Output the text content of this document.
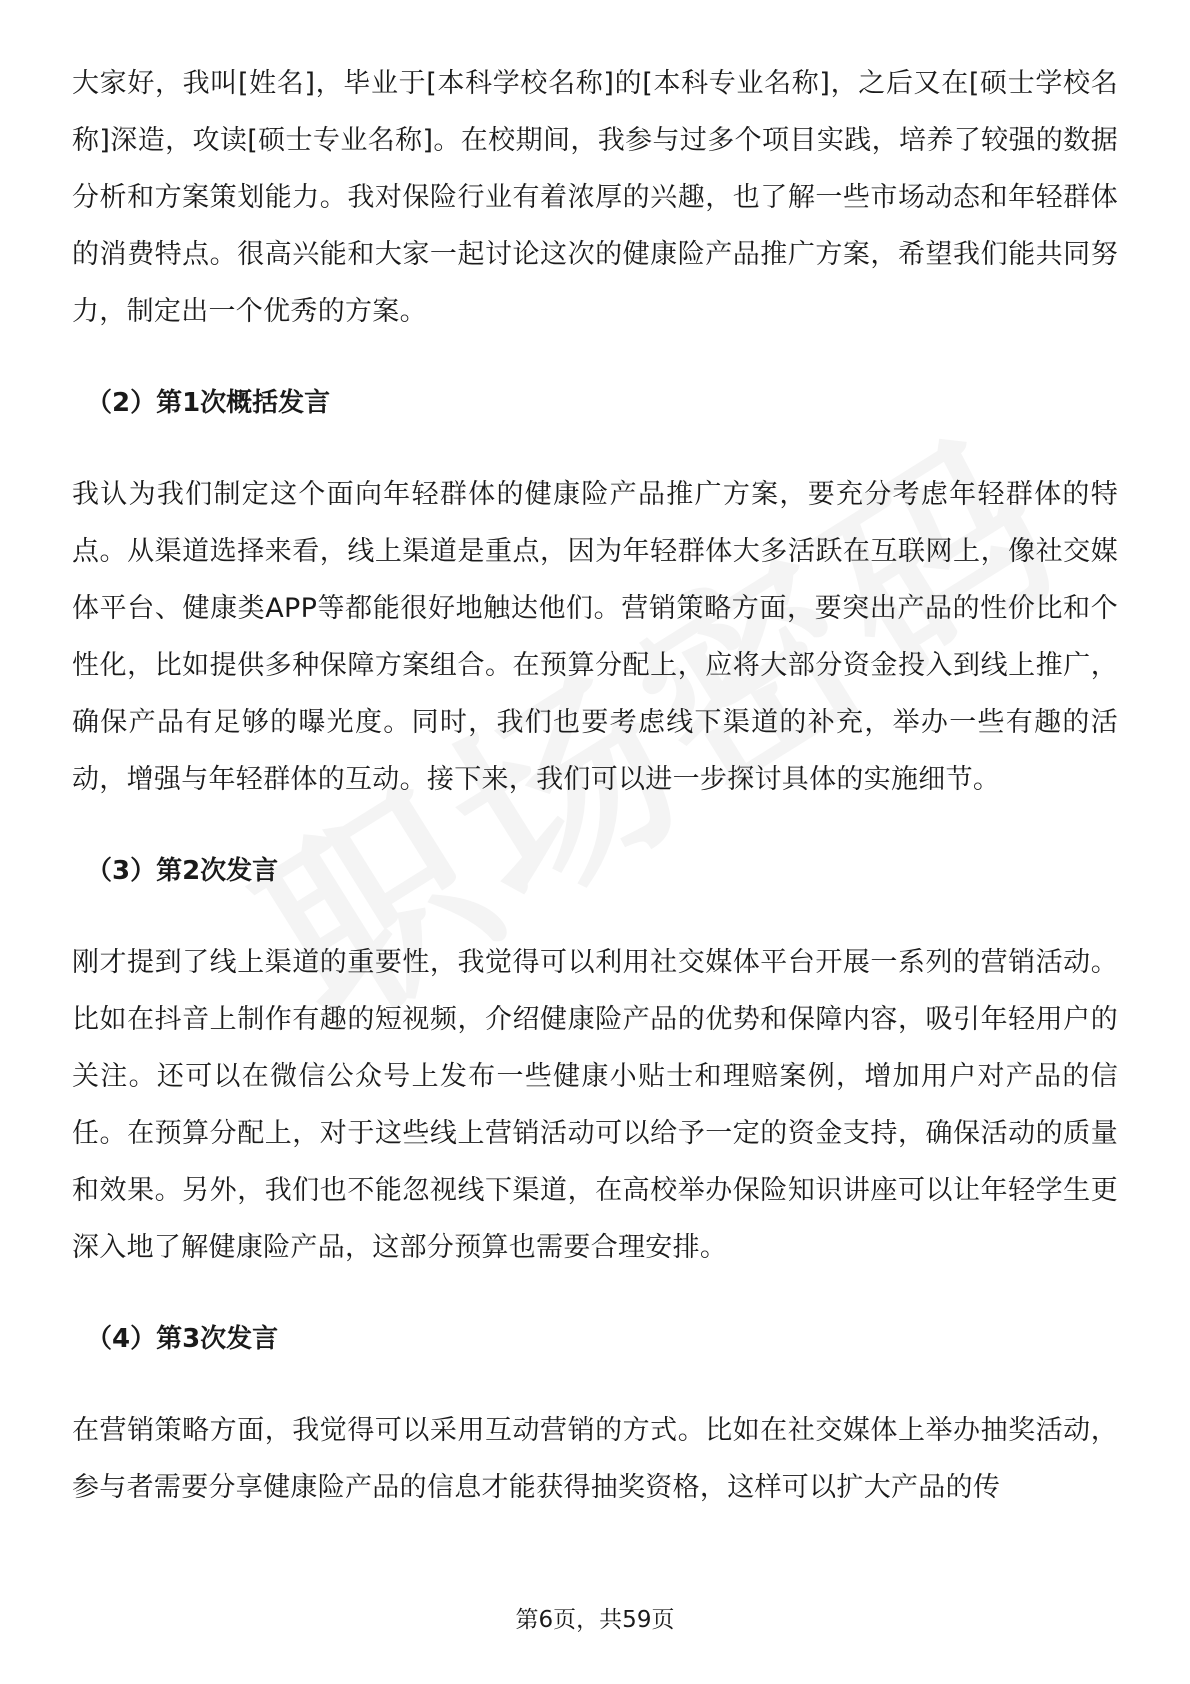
大家好，我叫[姓名]，毕业于[本科学校名称]的[本科专业名称]，之后又在[硕士学校名称]深造，攻读[硕士专业名称]。在校期间，我参与过多个项目实践，培养了较强的数据分析和方案策划能力。我对保险行业有着浓厚的兴趣，也了解一些市场动态和年轻群体的消费特点。很高兴能和大家一起讨论这次的健康险产品推广方案，希望我们能共同努力，制定出一个优秀的方案。

（2）第1次概括发言

我认为我们制定这个面向年轻群体的健康险产品推广方案，要充分考虑年轻群体的特点。从渠道选择来看，线上渠道是重点，因为年轻群体大多活跃在互联网上，像社交媒体平台、健康类APP等都能很好地触达他们。营销策略方面，要突出产品的性价比和个性化，比如提供多种保障方案组合。在预算分配上，应将大部分资金投入到线上推广，确保产品有足够的曝光度。同时，我们也要考虑线下渠道的补充，举办一些有趣的活动，增强与年轻群体的互动。接下来，我们可以进一步探讨具体的实施细节。

（3）第2次发言

刚才提到了线上渠道的重要性，我觉得可以利用社交媒体平台开展一系列的营销活动。比如在抖音上制作有趣的短视频，介绍健康险产品的优势和保障内容，吸引年轻用户的关注。还可以在微信公众号上发布一些健康小贴士和理赔案例，增加用户对产品的信任。在预算分配上，对于这些线上营销活动可以给予一定的资金支持，确保活动的质量和效果。另外，我们也不能忽视线下渠道，在高校举办保险知识讲座可以让年轻学生更深入地了解健康险产品，这部分预算也需要合理安排。

（4）第3次发言

在营销策略方面，我觉得可以采用互动营销的方式。比如在社交媒体上举办抽奖活动，参与者需要分享健康险产品的信息才能获得抽奖资格，这样可以扩大产品的传

第6页，共59页
